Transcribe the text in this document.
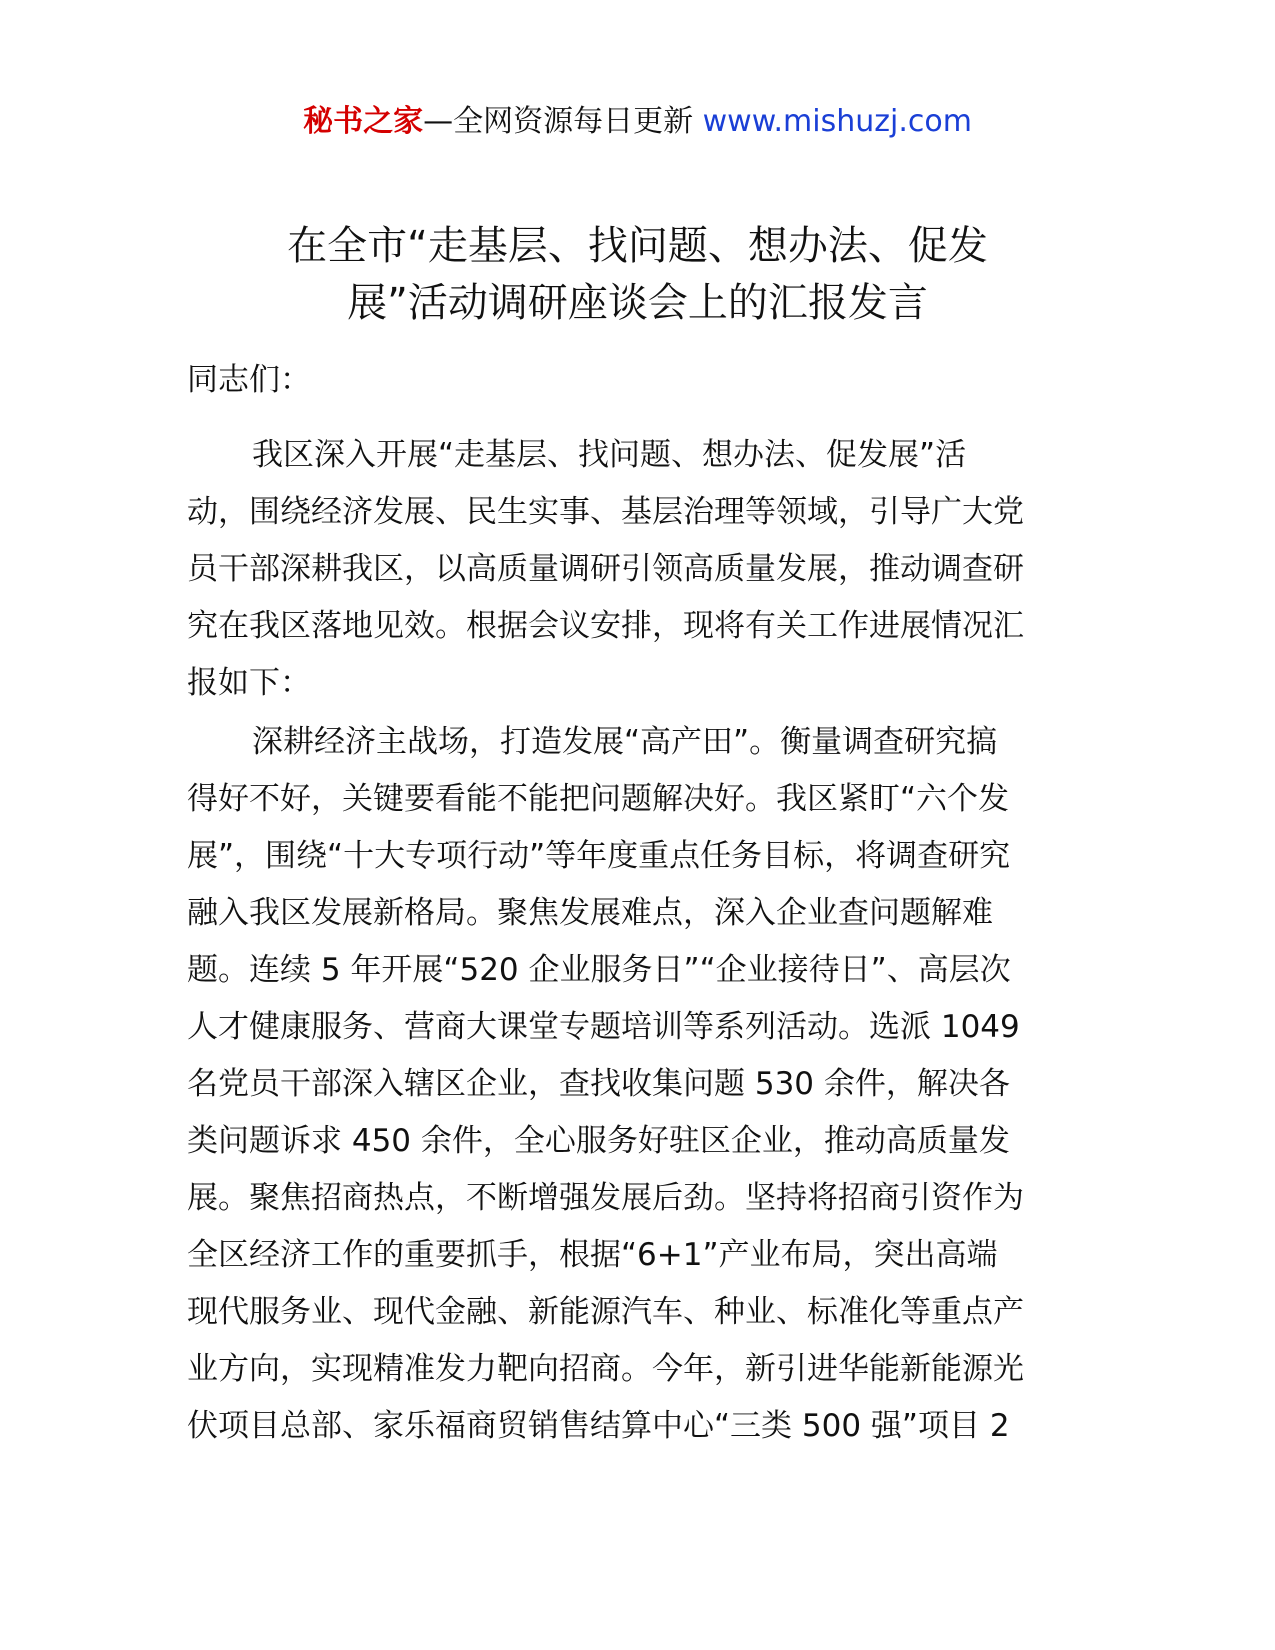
秘书之家—全网资源每日更新 www.mishuzj.com
在全市“走基层、找问题、想办法、促发
展”活动调研座谈会上的汇报发言
同志们：
我区深入开展“走基层、找问题、想办法、促发展”活
动，围绕经济发展、民生实事、基层治理等领域，引导广大党
员干部深耕我区，以高质量调研引领高质量发展，推动调查研
究在我区落地见效。根据会议安排，现将有关工作进展情况汇
报如下：
深耕经济主战场，打造发展“高产田”。衡量调查研究搞
得好不好，关键要看能不能把问题解决好。我区紧盯“六个发
展”，围绕“十大专项行动”等年度重点任务目标，将调查研究
融入我区发展新格局。聚焦发展难点，深入企业查问题解难
题。连续 5 年开展“520 企业服务日”“企业接待日”、高层次
人才健康服务、营商大课堂专题培训等系列活动。选派 1049
名党员干部深入辖区企业，查找收集问题 530 余件，解决各
类问题诉求 450 余件，全心服务好驻区企业，推动高质量发
展。聚焦招商热点，不断增强发展后劲。坚持将招商引资作为
全区经济工作的重要抓手，根据“6+1”产业布局，突出高端
现代服务业、现代金融、新能源汽车、种业、标准化等重点产
业方向，实现精准发力靶向招商。今年，新引进华能新能源光
伏项目总部、家乐福商贸销售结算中心“三类 500 强”项目 2
